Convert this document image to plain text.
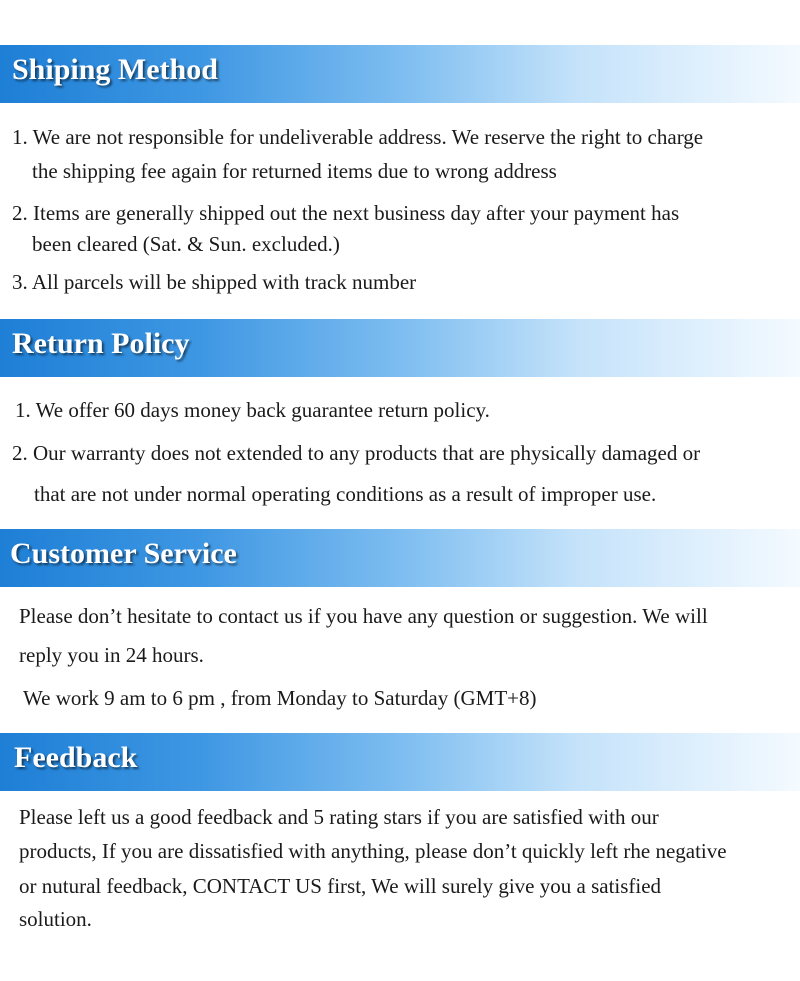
Shiping Method
1. We are not responsible for undeliverable address. We reserve the right to charge
the shipping fee again for returned items due to wrong address
2. Items are generally shipped out the next business day after your payment has
been cleared (Sat. & Sun. excluded.)
3. All parcels will be shipped with track number
Return Policy
1. We offer 60 days money back guarantee return policy.
2. Our warranty does not extended to any products that are physically damaged or
that are not under normal operating conditions as a result of improper use.
Customer Service
Please don’t hesitate to contact us if you have any question or suggestion. We will
reply you in 24 hours.
We work 9 am to 6 pm , from Monday to Saturday (GMT+8)
Feedback
Please left us a good feedback and 5 rating stars if you are satisfied with our
products, If you are dissatisfied with anything, please don’t quickly left rhe negative
or nutural feedback, CONTACT US first, We will surely give you a satisfied
solution.
